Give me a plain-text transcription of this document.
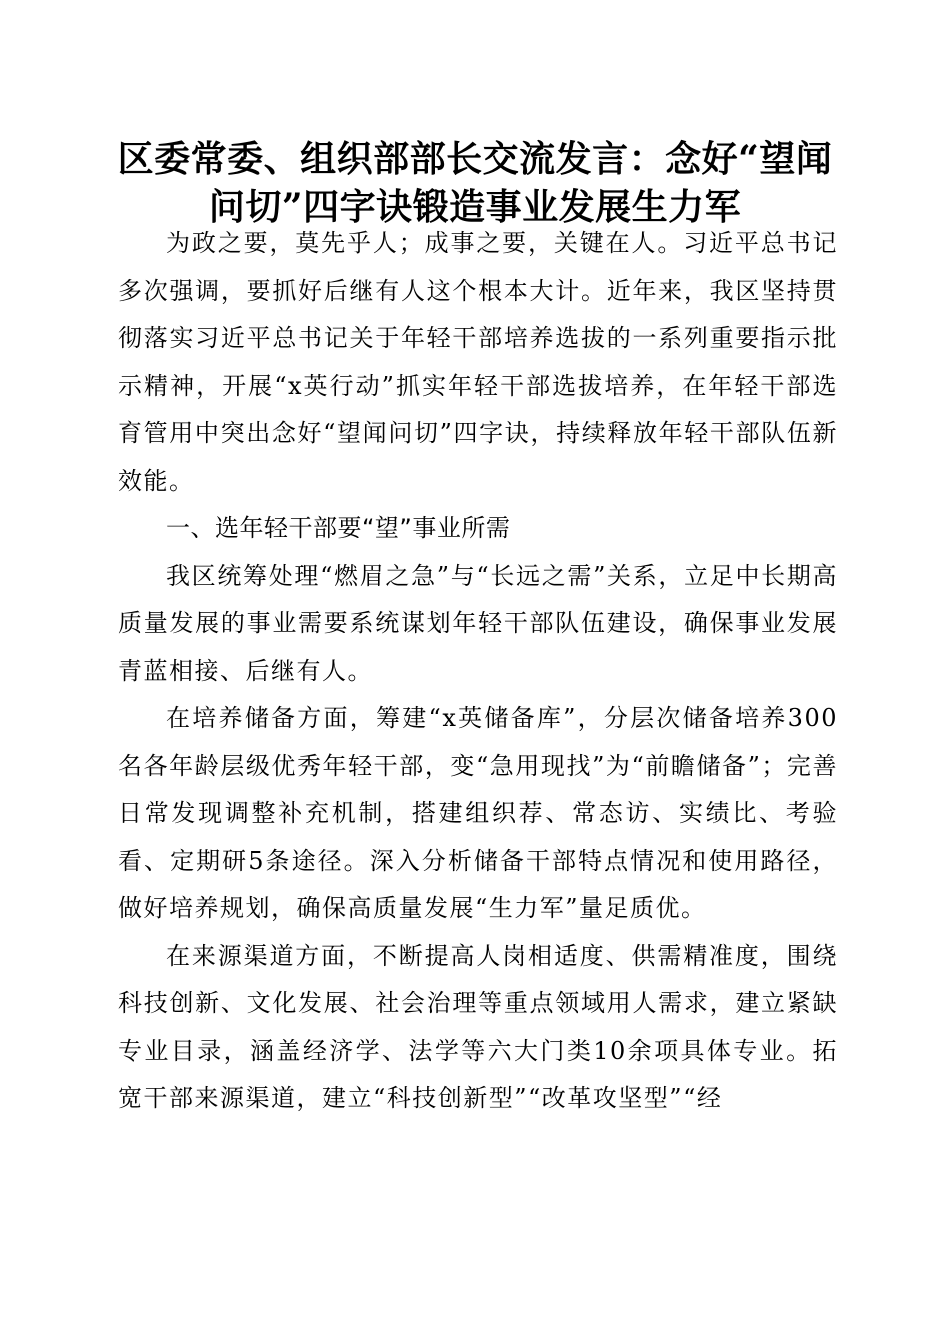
区委常委、组织部部长交流发言：念好“望闻问切”四字诀锻造事业发展生力军

为政之要，莫先乎人；成事之要，关键在人。习近平总书记多次强调，要抓好后继有人这个根本大计。近年来，我区坚持贯彻落实习近平总书记关于年轻干部培养选拔的一系列重要指示批示精神，开展“x英行动”抓实年轻干部选拔培养，在年轻干部选育管用中突出念好“望闻问切”四字诀，持续释放年轻干部队伍新效能。

一、选年轻干部要“望”事业所需

我区统筹处理“燃眉之急”与“长远之需”关系，立足中长期高质量发展的事业需要系统谋划年轻干部队伍建设，确保事业发展青蓝相接、后继有人。

在培养储备方面，筹建“x英储备库”，分层次储备培养300名各年龄层级优秀年轻干部，变“急用现找”为“前瞻储备”；完善日常发现调整补充机制，搭建组织荐、常态访、实绩比、考验看、定期研5条途径。深入分析储备干部特点情况和使用路径，做好培养规划，确保高质量发展“生力军”量足质优。

在来源渠道方面，不断提高人岗相适度、供需精准度，围绕科技创新、文化发展、社会治理等重点领域用人需求，建立紧缺专业目录，涵盖经济学、法学等六大门类10余项具体专业。拓宽干部来源渠道，建立“科技创新型”“改革攻坚型”“经
